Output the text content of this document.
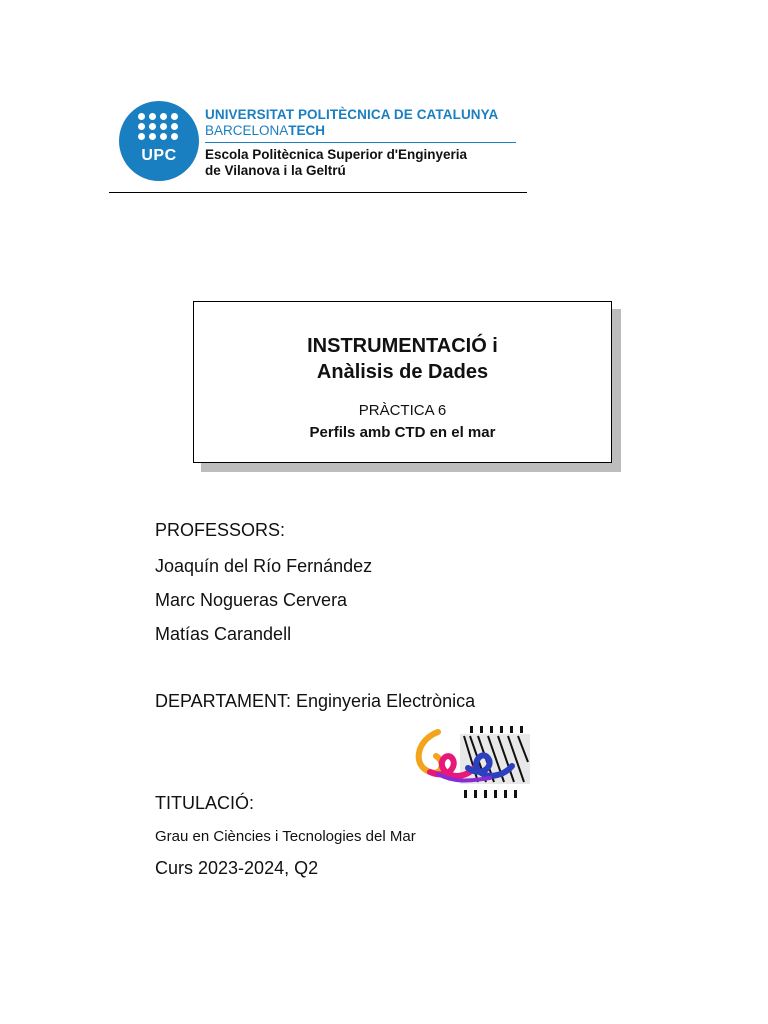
UPC
UNIVERSITAT POLITÈCNICA DE CATALUNYA
BARCELONATECH
Escola Politècnica Superior d'Enginyeria
de Vilanova i la Geltrú
INSTRUMENTACIÓ i
Anàlisis de Dades
PRÀCTICA 6
Perfils amb CTD en el mar
PROFESSORS:
Joaquín del Río Fernández
Marc Nogueras Cervera
Matías Carandell
DEPARTAMENT: Enginyeria Electrònica
TITULACIÓ:
Grau en Ciències i Tecnologies del Mar
Curs 2023-2024, Q2
